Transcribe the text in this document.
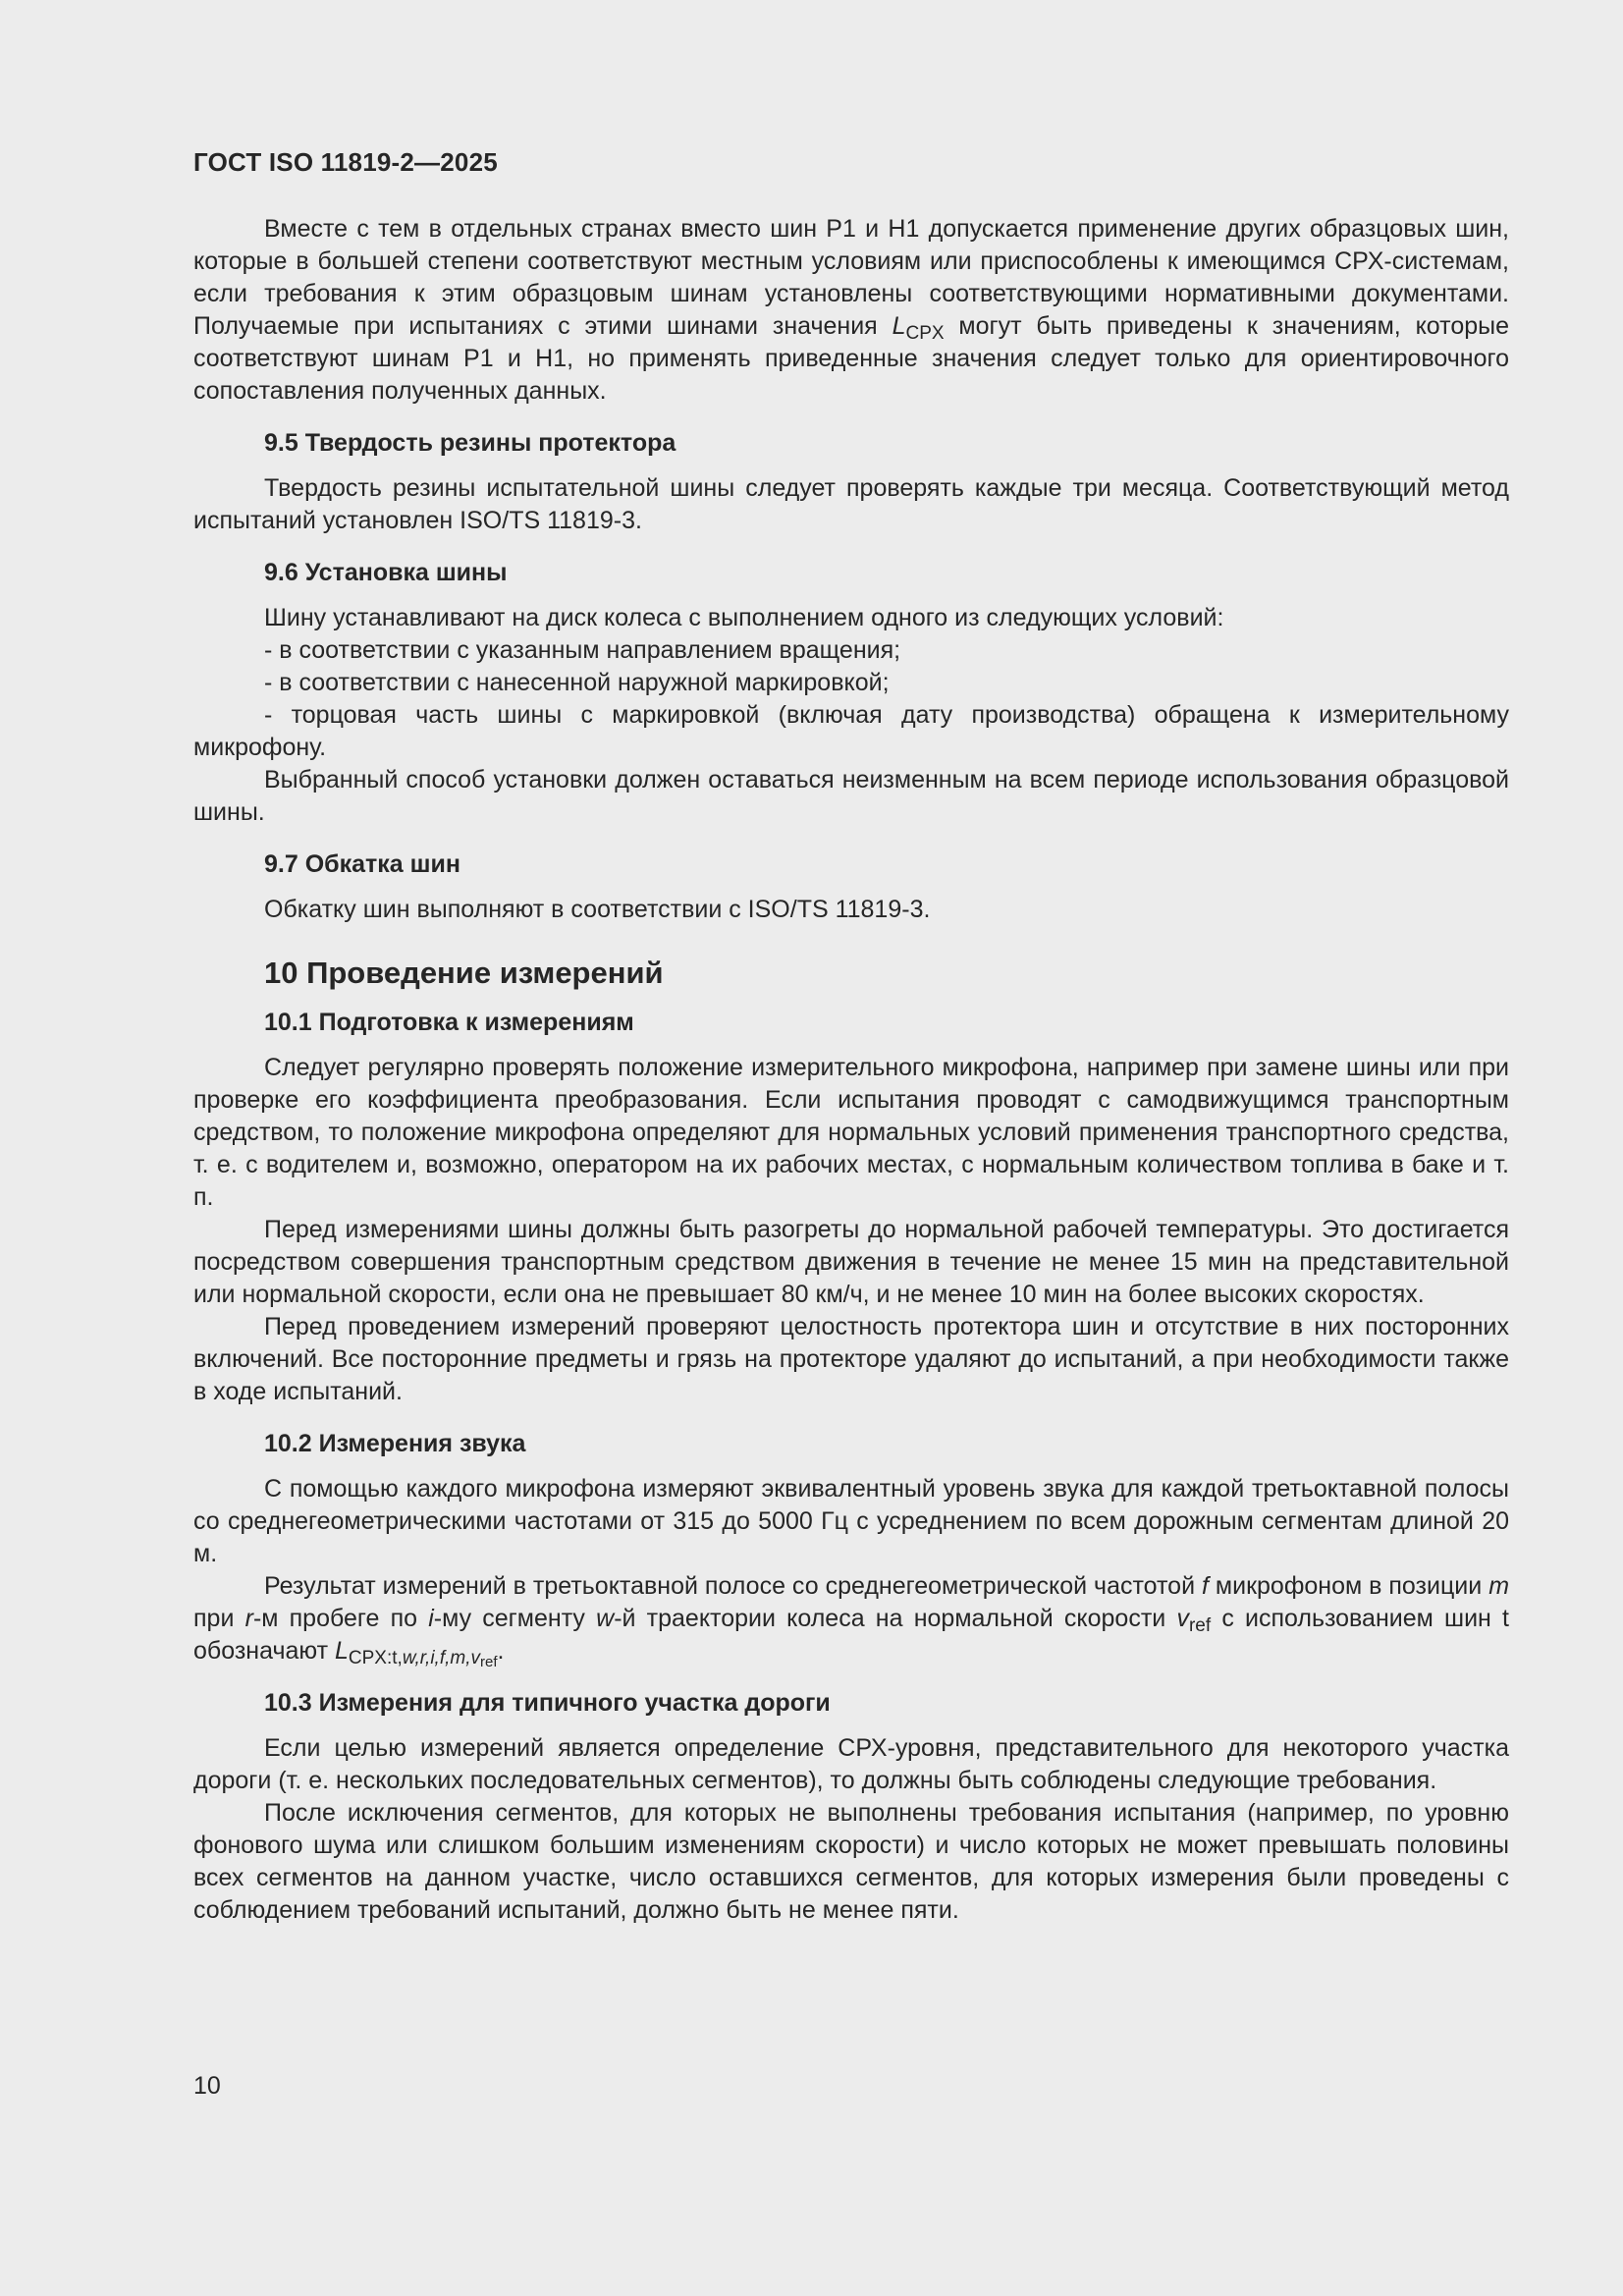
ГОСТ ISO 11819-2—2025

Вместе с тем в отдельных странах вместо шин Р1 и Н1 допускается применение других образцовых шин, которые в большей степени соответствуют местным условиям или приспособлены к имеющимся СРХ-системам, если требования к этим образцовым шинам установлены соответствующими нормативными документами. Получаемые при испытаниях с этими шинами значения $L_{CPX}$ могут быть приведены к значениям, которые соответствуют шинам Р1 и Н1, но применять приведенные значения следует только для ориентировочного сопоставления полученных данных.

9.5 Твердость резины протектора

Твердость резины испытательной шины следует проверять каждые три месяца. Соответствующий метод испытаний установлен ISO/TS 11819-3.

9.6 Установка шины

Шину устанавливают на диск колеса с выполнением одного из следующих условий:

- в соответствии с указанным направлением вращения;

- в соответствии с нанесенной наружной маркировкой;

- торцовая часть шины с маркировкой (включая дату производства) обращена к измерительному микрофону.

Выбранный способ установки должен оставаться неизменным на всем периоде использования образцовой шины.

9.7 Обкатка шин

Обкатку шин выполняют в соответствии с ISO/TS 11819-3.

10 Проведение измерений
10.1 Подготовка к измерениям

Следует регулярно проверять положение измерительного микрофона, например при замене шины или при проверке его коэффициента преобразования. Если испытания проводят с самодвижущимся транспортным средством, то положение микрофона определяют для нормальных условий применения транспортного средства, т. е. с водителем и, возможно, оператором на их рабочих местах, с нормальным количеством топлива в баке и т. п.

Перед измерениями шины должны быть разогреты до нормальной рабочей температуры. Это достигается посредством совершения транспортным средством движения в течение не менее 15 мин на представительной или нормальной скорости, если она не превышает 80 км/ч, и не менее 10 мин на более высоких скоростях.

Перед проведением измерений проверяют целостность протектора шин и отсутствие в них посторонних включений. Все посторонние предметы и грязь на протекторе удаляют до испытаний, а при необходимости также в ходе испытаний.

10.2 Измерения звука

С помощью каждого микрофона измеряют эквивалентный уровень звука для каждой третьоктавной полосы со среднегеометрическими частотами от 315 до 5000 Гц с усреднением по всем дорожным сегментам длиной 20 м.

Результат измерений в третьоктавной полосе со среднегеометрической частотой f микрофоном в позиции m при r-м пробеге по i-му сегменту w-й траектории колеса на нормальной скорости $v_{ref}$ с использованием шин t обозначают $L_{CPX:t,w,r,i,f,m,v_{ref}}$.

10.3 Измерения для типичного участка дороги

Если целью измерений является определение СРХ-уровня, представительного для некоторого участка дороги (т. е. нескольких последовательных сегментов), то должны быть соблюдены следующие требования.

После исключения сегментов, для которых не выполнены требования испытания (например, по уровню фонового шума или слишком большим изменениям скорости) и число которых не может превышать половины всех сегментов на данном участке, число оставшихся сегментов, для которых измерения были проведены с соблюдением требований испытаний, должно быть не менее пяти.

10
